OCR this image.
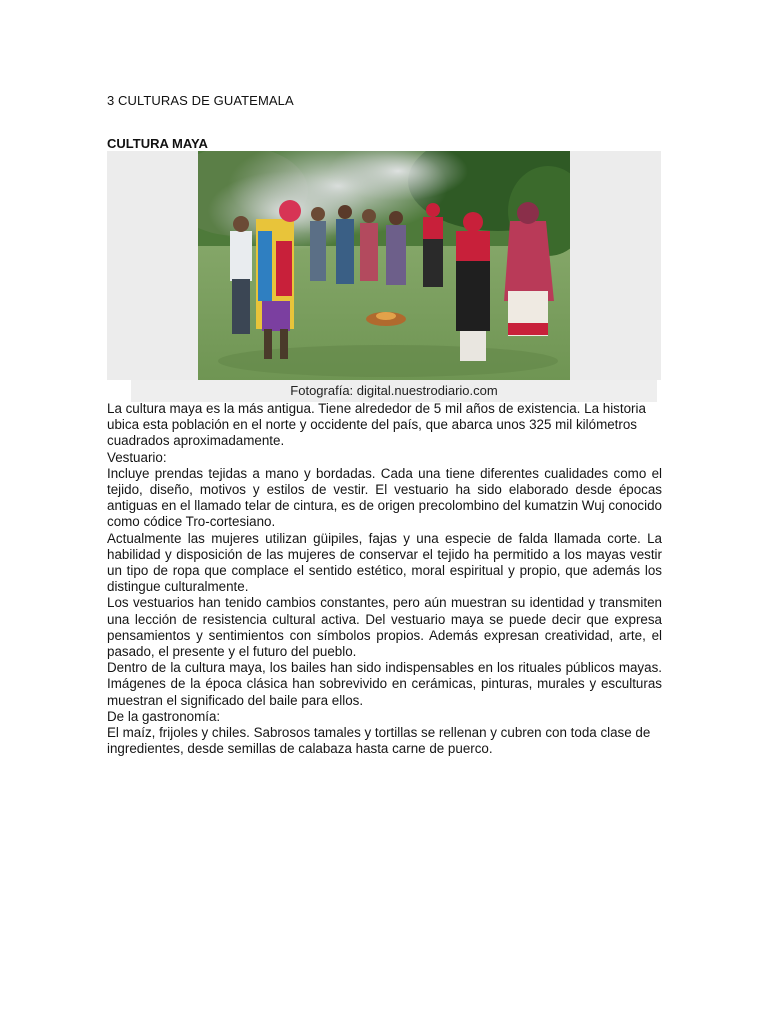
3 CULTURAS DE GUATEMALA
CULTURA MAYA
Fotografía: digital.nuestrodiario.com

La cultura maya es la más antigua. Tiene alrededor de 5 mil años de existencia. La historia ubica esta población en el norte y occidente del país, que abarca unos 325 mil kilómetros cuadrados aproximadamente.

Vestuario:

Incluye prendas tejidas a mano y bordadas. Cada una tiene diferentes cualidades como el tejido, diseño, motivos y estilos de vestir. El vestuario ha sido elaborado desde épocas antiguas en el llamado telar de cintura, es de origen precolombino del kumatzin Wuj conocido como códice Tro-cortesiano.

Actualmente las mujeres utilizan güipiles, fajas y una especie de falda llamada corte. La habilidad y disposición de las mujeres de conservar el tejido ha permitido a los mayas vestir un tipo de ropa que complace el sentido estético, moral espiritual y propio, que además los distingue culturalmente.

Los vestuarios han tenido cambios constantes, pero aún muestran su identidad y transmiten una lección de resistencia cultural activa. Del vestuario maya se puede decir que expresa pensamientos y sentimientos con símbolos propios. Además expresan creatividad, arte, el pasado, el presente y el futuro del pueblo.

Dentro de la cultura maya, los bailes han sido indispensables en los rituales públicos mayas. Imágenes de la época clásica han sobrevivido en cerámicas, pinturas, murales y esculturas muestran el significado del baile para ellos.

De la gastronomía:

El maíz, frijoles y chiles. Sabrosos tamales y tortillas se rellenan y cubren con toda clase de ingredientes, desde semillas de calabaza hasta carne de puerco.
